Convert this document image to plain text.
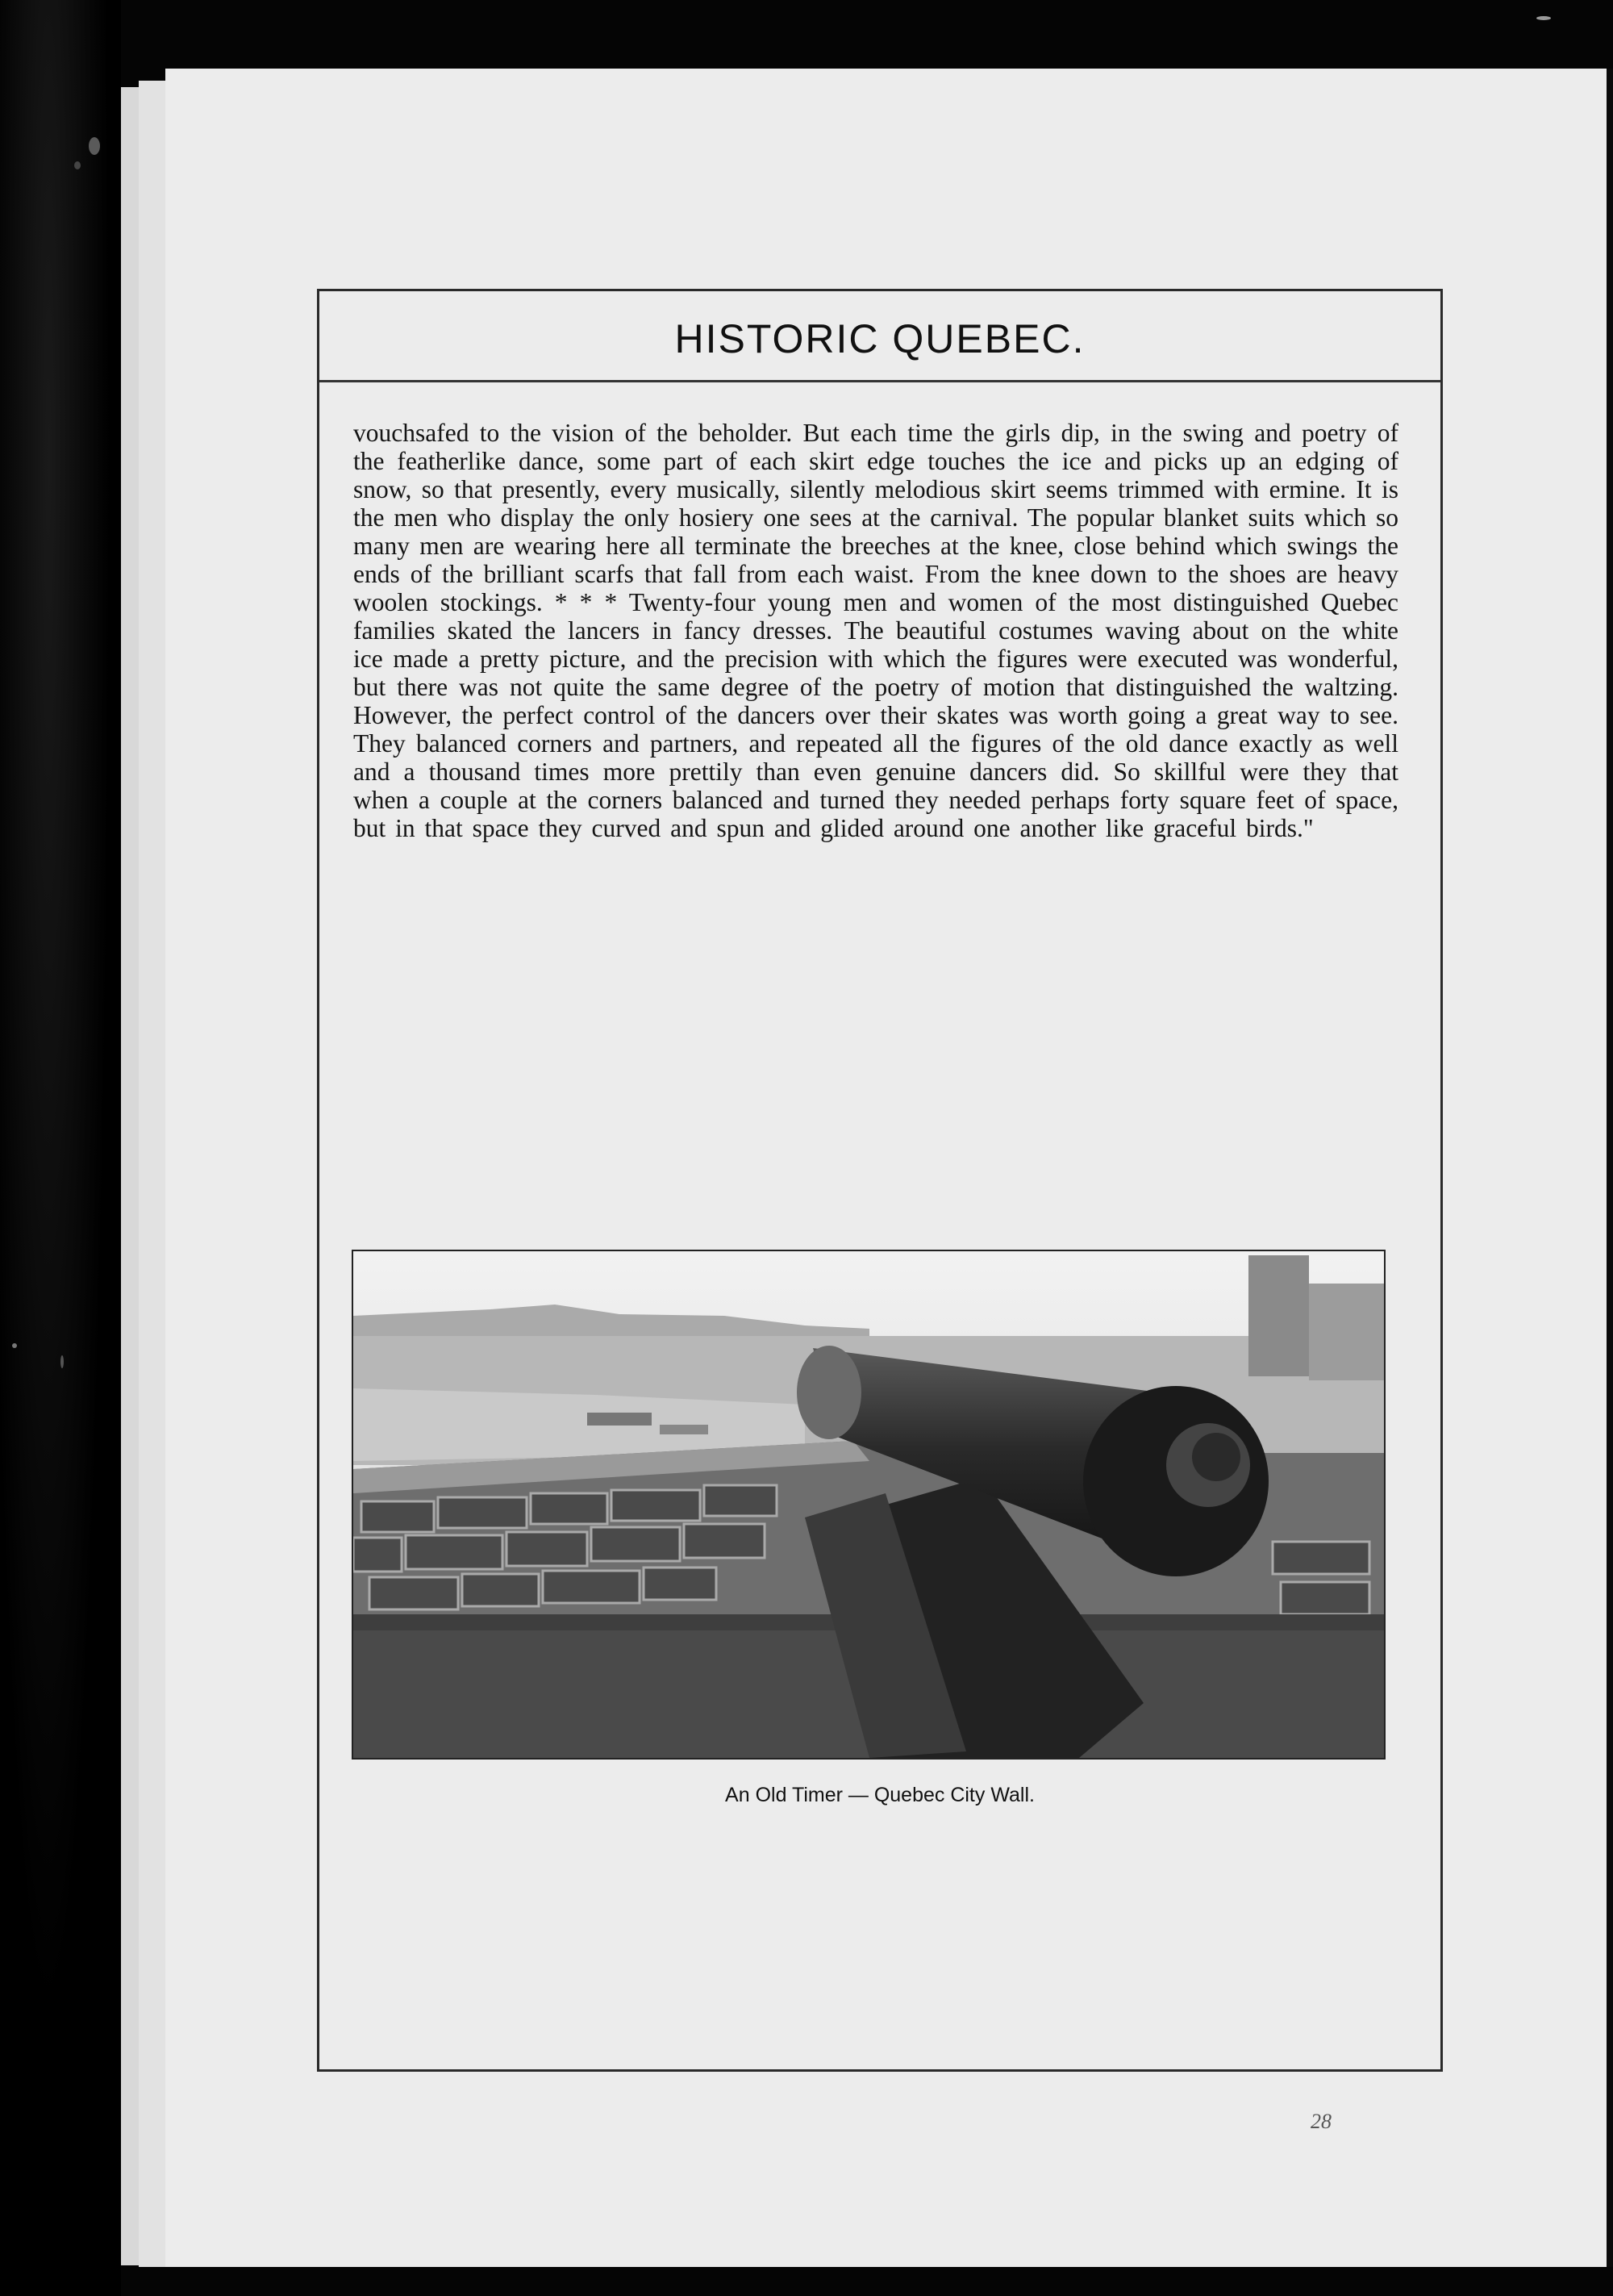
HISTORIC QUEBEC.
vouchsafed to the vision of the beholder. But each time the girls dip, in the swing and poetry of the featherlike dance, some part of each skirt edge touches the ice and picks up an edging of snow, so that presently, every musically, silently melodious skirt seems trimmed with ermine. It is the men who display the only hosiery one sees at the carnival. The popular blanket suits which so many men are wearing here all terminate the breeches at the knee, close behind which swings the ends of the brilliant scarfs that fall from each waist. From the knee down to the shoes are heavy woolen stockings. * * * Twenty-four young men and women of the most distinguished Quebec families skated the lancers in fancy dresses. The beautiful costumes waving about on the white ice made a pretty picture, and the precision with which the figures were executed was wonderful, but there was not quite the same degree of the poetry of motion that distinguished the waltzing. However, the perfect control of the dancers over their skates was worth going a great way to see. They balanced corners and partners, and repeated all the figures of the old dance exactly as well and a thousand times more prettily than even genuine dancers did. So skillful were they that when a couple at the corners balanced and turned they needed perhaps forty square feet of space, but in that space they curved and spun and glided around one another like graceful birds."
An Old Timer — Quebec City Wall.
28
